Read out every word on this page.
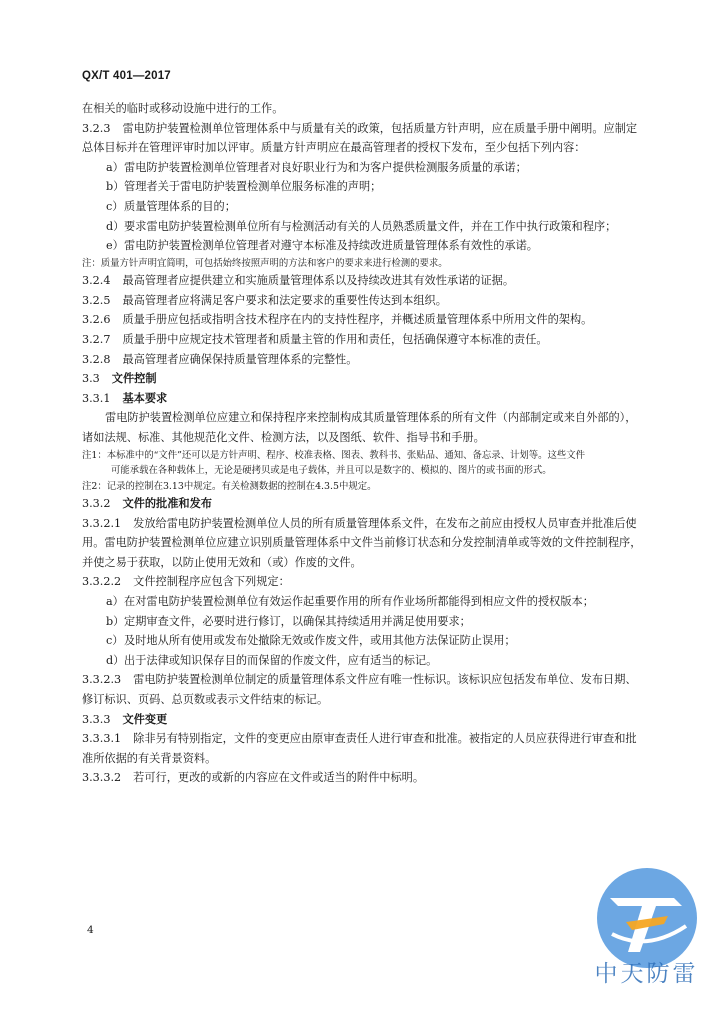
QX/T 401—2017

在相关的临时或移动设施中进行的工作。

3.2.3 雷电防护装置检测单位管理体系中与质量有关的政策，包括质量方针声明，应在质量手册中阐明。应制定总体目标并在管理评审时加以评审。质量方针声明应在最高管理者的授权下发布，至少包括下列内容：

a） 雷电防护装置检测单位管理者对良好职业行为和为客户提供检测服务质量的承诺；

b） 管理者关于雷电防护装置检测单位服务标准的声明；

c） 质量管理体系的目的；

d） 要求雷电防护装置检测单位所有与检测活动有关的人员熟悉质量文件，并在工作中执行政策和程序；

e） 雷电防护装置检测单位管理者对遵守本标准及持续改进质量管理体系有效性的承诺。

注：质量方针声明宜简明，可包括始终按照声明的方法和客户的要求来进行检测的要求。

3.2.4 最高管理者应提供建立和实施质量管理体系以及持续改进其有效性承诺的证据。

3.2.5 最高管理者应将满足客户要求和法定要求的重要性传达到本组织。

3.2.6 质量手册应包括或指明含技术程序在内的支持性程序，并概述质量管理体系中所用文件的架构。

3.2.7 质量手册中应规定技术管理者和质量主管的作用和责任，包括确保遵守本标准的责任。

3.2.8 最高管理者应确保保持质量管理体系的完整性。

3.3 文件控制

3.3.1 基本要求

雷电防护装置检测单位应建立和保持程序来控制构成其质量管理体系的所有文件（内部制定或来自外部的），诸如法规、标准、其他规范化文件、检测方法，以及图纸、软件、指导书和手册。

注1：本标准中的“文件”还可以是方针声明、程序、校准表格、图表、教科书、张贴品、通知、备忘录、计划等。这些文件
可能承载在各种载体上，无论是硬拷贝或是电子载体，并且可以是数字的、模拟的、图片的或书面的形式。

注2：记录的控制在3.13中规定。有关检测数据的控制在4.3.5中规定。

3.3.2 文件的批准和发布

3.3.2.1 发放给雷电防护装置检测单位人员的所有质量管理体系文件，在发布之前应由授权人员审查并批准后使用。雷电防护装置检测单位应建立识别质量管理体系中文件当前修订状态和分发控制清单或等效的文件控制程序，并使之易于获取，以防止使用无效和（或）作废的文件。

3.3.2.2 文件控制程序应包含下列规定：

a） 在对雷电防护装置检测单位有效运作起重要作用的所有作业场所都能得到相应文件的授权版本；

b） 定期审查文件，必要时进行修订，以确保其持续适用并满足使用要求；

c） 及时地从所有使用或发布处撤除无效或作废文件，或用其他方法保证防止误用；

d） 出于法律或知识保存目的而保留的作废文件，应有适当的标记。

3.3.2.3 雷电防护装置检测单位制定的质量管理体系文件应有唯一性标识。该标识应包括发布单位、发布日期、修订标识、页码、总页数或表示文件结束的标记。

3.3.3 文件变更

3.3.3.1 除非另有特别指定，文件的变更应由原审查责任人进行审查和批准。被指定的人员应获得进行审查和批准所依据的有关背景资料。

3.3.3.2 若可行，更改的或新的内容应在文件或适当的附件中标明。

4
中天防雷
